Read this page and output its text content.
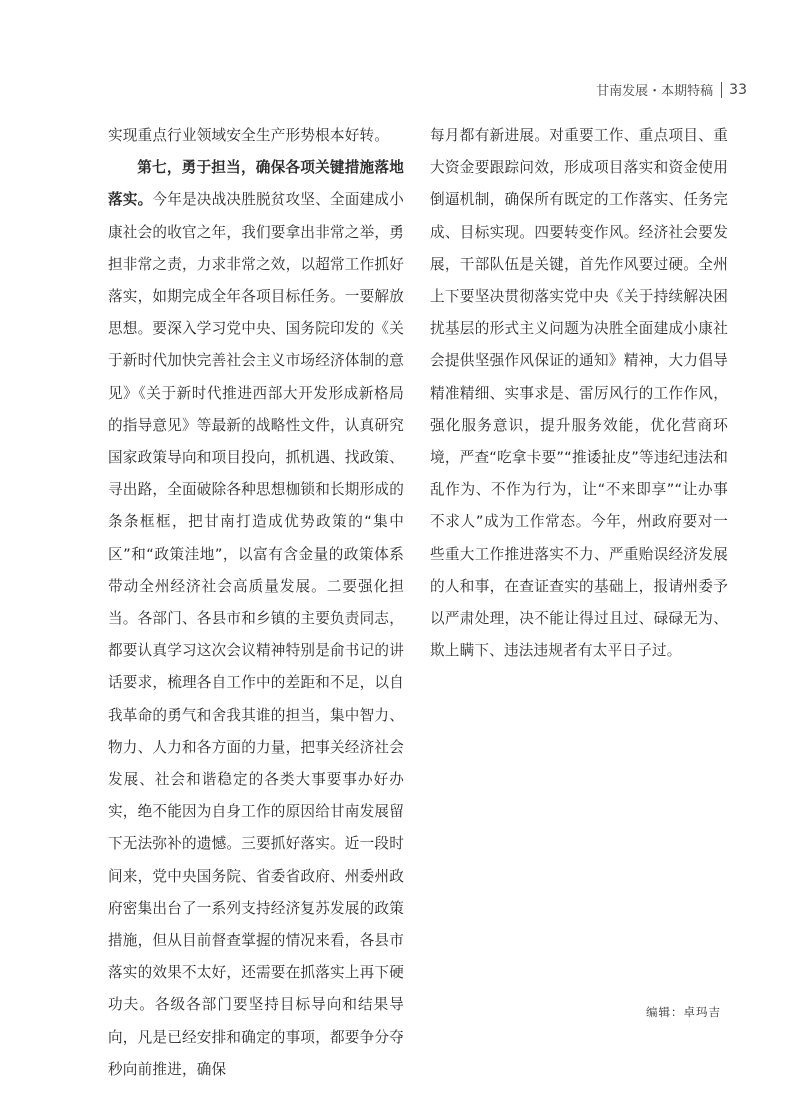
甘南发展・本期特稿 33

实现重点行业领域安全生产形势根本好转。

第七，勇于担当，确保各项关键措施落地落实。今年是决战决胜脱贫攻坚、全面建成小康社会的收官之年，我们要拿出非常之举，勇担非常之责，力求非常之效，以超常工作抓好落实，如期完成全年各项目标任务。一要解放思想。要深入学习党中央、国务院印发的《关于新时代加快完善社会主义市场经济体制的意见》《关于新时代推进西部大开发形成新格局的指导意见》等最新的战略性文件，认真研究国家政策导向和项目投向，抓机遇、找政策、寻出路，全面破除各种思想枷锁和长期形成的条条框框，把甘南打造成优势政策的“集中区”和“政策洼地”，以富有含金量的政策体系带动全州经济社会高质量发展。二要强化担当。各部门、各县市和乡镇的主要负责同志，都要认真学习这次会议精神特别是俞书记的讲话要求，梳理各自工作中的差距和不足，以自我革命的勇气和舍我其谁的担当，集中智力、物力、人力和各方面的力量，把事关经济社会发展、社会和谐稳定的各类大事要事办好办实，绝不能因为自身工作的原因给甘南发展留下无法弥补的遗憾。三要抓好落实。近一段时间来，党中央国务院、省委省政府、州委州政府密集出台了一系列支持经济复苏发展的政策措施，但从目前督查掌握的情况来看，各县市落实的效果不太好，还需要在抓落实上再下硬功夫。各级各部门要坚持目标导向和结果导向，凡是已经安排和确定的事项，都要争分夺秒向前推进，确保

每月都有新进展。对重要工作、重点项目、重大资金要跟踪问效，形成项目落实和资金使用倒逼机制，确保所有既定的工作落实、任务完成、目标实现。四要转变作风。经济社会要发展，干部队伍是关键，首先作风要过硬。全州上下要坚决贯彻落实党中央《关于持续解决困扰基层的形式主义问题为决胜全面建成小康社会提供坚强作风保证的通知》精神，大力倡导精准精细、实事求是、雷厉风行的工作作风，强化服务意识，提升服务效能，优化营商环境，严查“吃拿卡要”“推诿扯皮”等违纪违法和乱作为、不作为行为，让“不来即享”“让办事不求人”成为工作常态。今年，州政府要对一些重大工作推进落实不力、严重贻误经济发展的人和事，在查证查实的基础上，报请州委予以严肃处理，决不能让得过且过、碌碌无为、欺上瞒下、违法违规者有太平日子过。

编辑：卓玛吉
